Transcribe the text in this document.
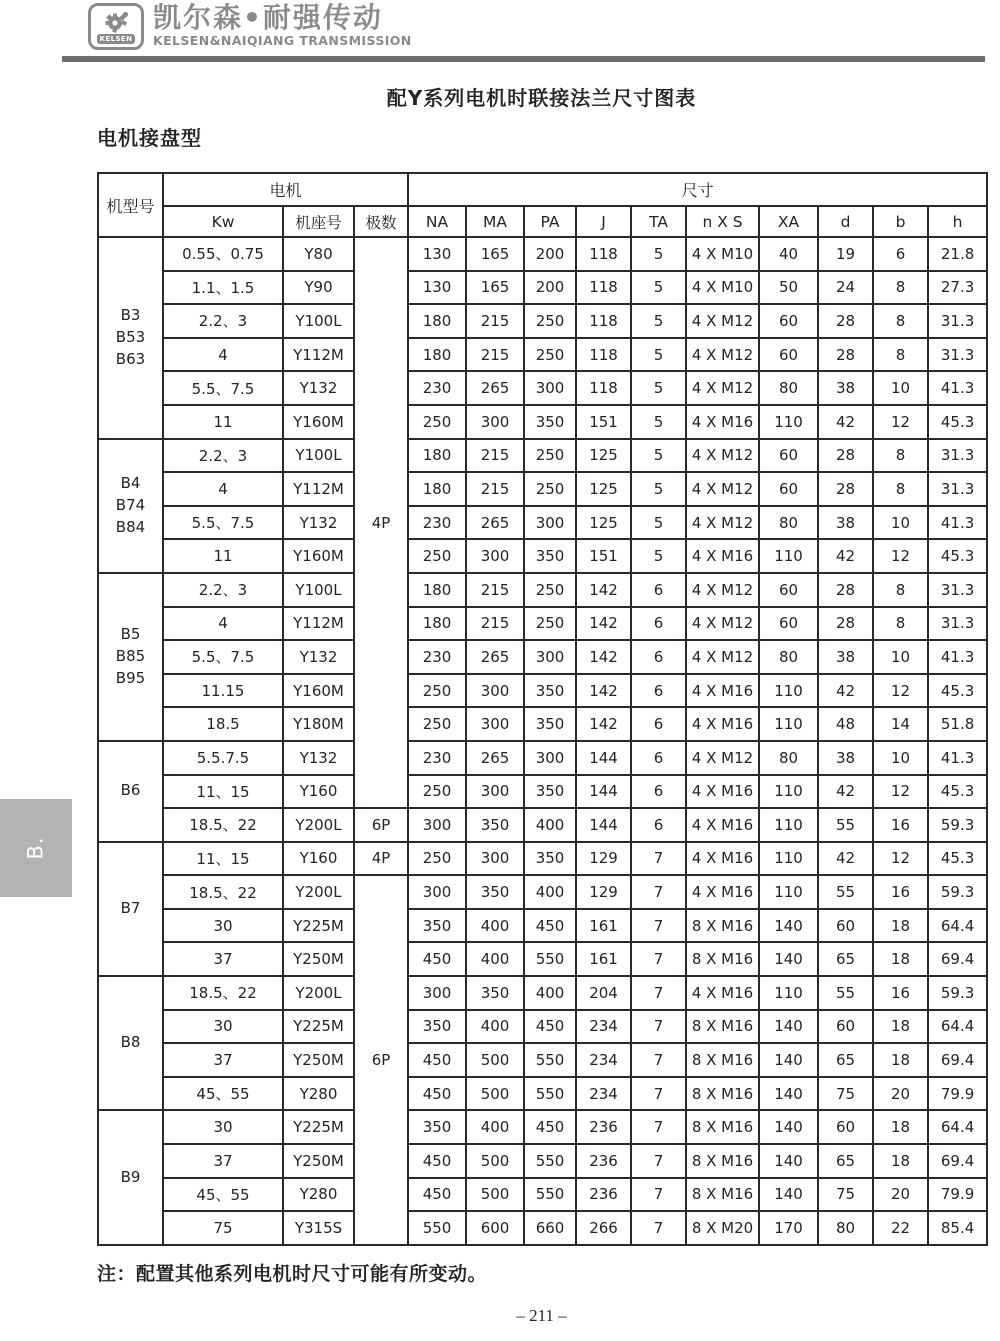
KELSEN
凯尔森•耐强传动
KELSEN&NAIQIANG TRANSMISSION
配Y系列电机时联接法兰尺寸图表
电机接盘型
机型号	电机			尺寸									
	Kw	机座号	极数	NA	MA	PA	J	TA	n X S	XA	d	b	h

B3
B53
B63	0.55、0.75	Y80	4P	130	165	200	118	5	4 X M10	40	19	6	21.8
	1.1、1.5	Y90		130	165	200	118	5	4 X M10	50	24	8	27.3
	2.2、3	Y100L		180	215	250	118	5	4 X M12	60	28	8	31.3
	4	Y112M		180	215	250	118	5	4 X M12	60	28	8	31.3
	5.5、7.5	Y132		230	265	300	118	5	4 X M12	80	38	10	41.3
	11	Y160M		250	300	350	151	5	4 X M16	110	42	12	45.3

B4
B74
B84	2.2、3	Y100L		180	215	250	125	5	4 X M12	60	28	8	31.3
	4	Y112M		180	215	250	125	5	4 X M12	60	28	8	31.3
	5.5、7.5	Y132		230	265	300	125	5	4 X M12	80	38	10	41.3
	11	Y160M		250	300	350	151	5	4 X M16	110	42	12	45.3

B5
B85
B95	2.2、3	Y100L		180	215	250	142	6	4 X M12	60	28	8	31.3
	4	Y112M		180	215	250	142	6	4 X M12	60	28	8	31.3
	5.5、7.5	Y132		230	265	300	142	6	4 X M12	80	38	10	41.3
	11.15	Y160M		250	300	350	142	6	4 X M16	110	42	12	45.3
	18.5	Y180M		250	300	350	142	6	4 X M16	110	48	14	51.8

B6	5.5.7.5	Y132		230	265	300	144	6	4 X M12	80	38	10	41.3
	11、15	Y160		250	300	350	144	6	4 X M16	110	42	12	45.3
	18.5、22	Y200L	6P	300	350	400	144	6	4 X M16	110	55	16	59.3

B7	11、15	Y160	4P	250	300	350	129	7	4 X M16	110	42	12	45.3
	18.5、22	Y200L	6P	300	350	400	129	7	4 X M16	110	55	16	59.3
	30	Y225M		350	400	450	161	7	8 X M16	140	60	18	64.4
	37	Y250M		450	400	550	161	7	8 X M16	140	65	18	69.4

B8	18.5、22	Y200L		300	350	400	204	7	4 X M16	110	55	16	59.3
	30	Y225M		350	400	450	234	7	8 X M16	140	60	18	64.4
	37	Y250M		450	500	550	234	7	8 X M16	140	65	18	69.4
	45、55	Y280		450	500	550	234	7	8 X M16	140	75	20	79.9

B9	30	Y225M		350	400	450	236	7	8 X M16	140	60	18	64.4
	37	Y250M		450	500	550	236	7	8 X M16	140	65	18	69.4
	45、55	Y280		450	500	550	236	7	8 X M16	140	75	20	79.9
	75	Y315S		550	600	660	266	7	8 X M20	170	80	22	85.4
B.

注：配置其他系列电机时尺寸可能有所变动。

– 211 –
